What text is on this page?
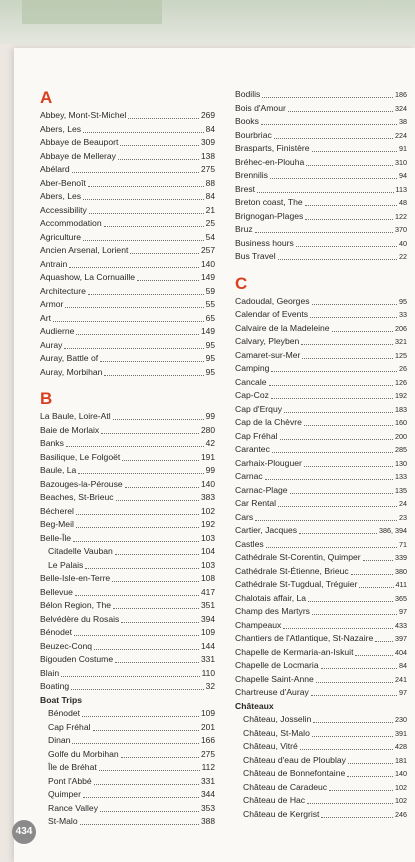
A
Abbey, Mont-St-Michel	269
Abers, Les	84
Abbaye de Beauport	309
Abbaye de Melleray	138
Abélard	275
Aber-Benoît	88
Abers, Les	84
Accessibility	21
Accommodation	25
Agriculture	54
Ancien Arsenal, Lorient	257
Antrain	140
Aquashow, La Cornuaille	149
Architecture	59
Armor	55
Art	65
Audierne	149
Auray	95
Auray, Battle of	95
Auray, Morbihan	95
B
La Baule, Loire-Atl	99
Baie de Morlaix	280
Banks	42
Basilique, Le Folgoët	191
Baule, La	99
Bazouges-la-Pérouse	140
Beaches, St-Brieuc	383
Bécherel	102
Beg-Meil	192
Belle-Île	103
Citadelle Vauban	104
Le Palais	103
Belle-Isle-en-Terre	108
Bellevue	417
Bélon Region, The	351
Belvédère du Rosais	394
Bénodet	109
Beuzec-Conq	144
Bigouden Costume	331
Blain	110
Boating	32
Boat Trips
Bénodet	109
Cap Fréhal	201
Dinan	166
Golfe du Morbihan	275
Île de Bréhat	112
Pont l'Abbé	331
Quimper	344
Rance Valley	353
St-Malo	388
Bodilis	186
Bois d'Amour	324
Books	38
Bourbriac	224
Brasparts, Finistère	91
Bréhec-en-Plouha	310
Brennilis	94
Brest	113
Breton coast, The	48
Brignogan-Plages	122
Bruz	370
Business hours	40
Bus Travel	22
C
Cadoudal, Georges	95
Calendar of Events	33
Calvaire de la Madeleine	206
Calvary, Pleyben	321
Camaret-sur-Mer	125
Camping	26
Cancale	126
Cap-Coz	192
Cap d'Erquy	183
Cap de la Chèvre	160
Cap Fréhal	200
Carantec	285
Carhaix-Plouguer	130
Carnac	133
Carnac-Plage	135
Car Rental	24
Cars	23
Cartier, Jacques	386, 394
Castles	71
Cathédrale St-Corentin, Quimper	339
Cathédrale St-Étienne, Brieuc	380
Cathédrale St-Tugdual, Tréguier	411
Chalotais affair, La	365
Champ des Martyrs	97
Champeaux	433
Chantiers de l'Atlantique, St-Nazaire	397
Chapelle de Kermaria-an-Iskuit	404
Chapelle de Locmaria	84
Chapelle Saint-Anne	241
Chartreuse d'Auray	97
Châteaux
Château, Josselin	230
Château, St-Malo	391
Château, Vitré	428
Château d'eau de Ploublay	181
Château de Bonnefontaine	140
Château de Caradeuc	102
Château de Hac	102
Château de Kergrist	246
434
